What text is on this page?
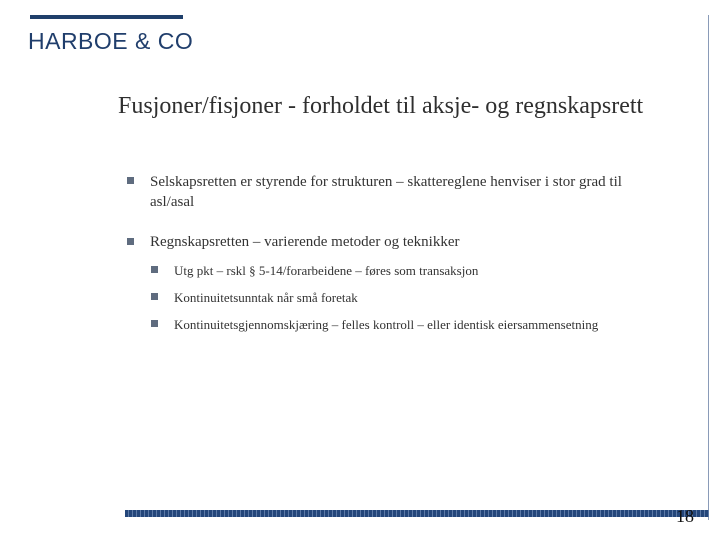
HARBOE & CO
Fusjoner/fisjoner - forholdet til aksje- og regnskapsrett
Selskapsretten er styrende for strukturen – skattereglene henviser i stor grad til asl/asal
Regnskapsretten – varierende metoder og teknikker
Utg pkt – rskl § 5-14/forarbeidene – føres som transaksjon
Kontinuitetsunntak når små foretak
Kontinuitetsgjennomskjæring – felles kontroll – eller identisk eiersammensetning
18
